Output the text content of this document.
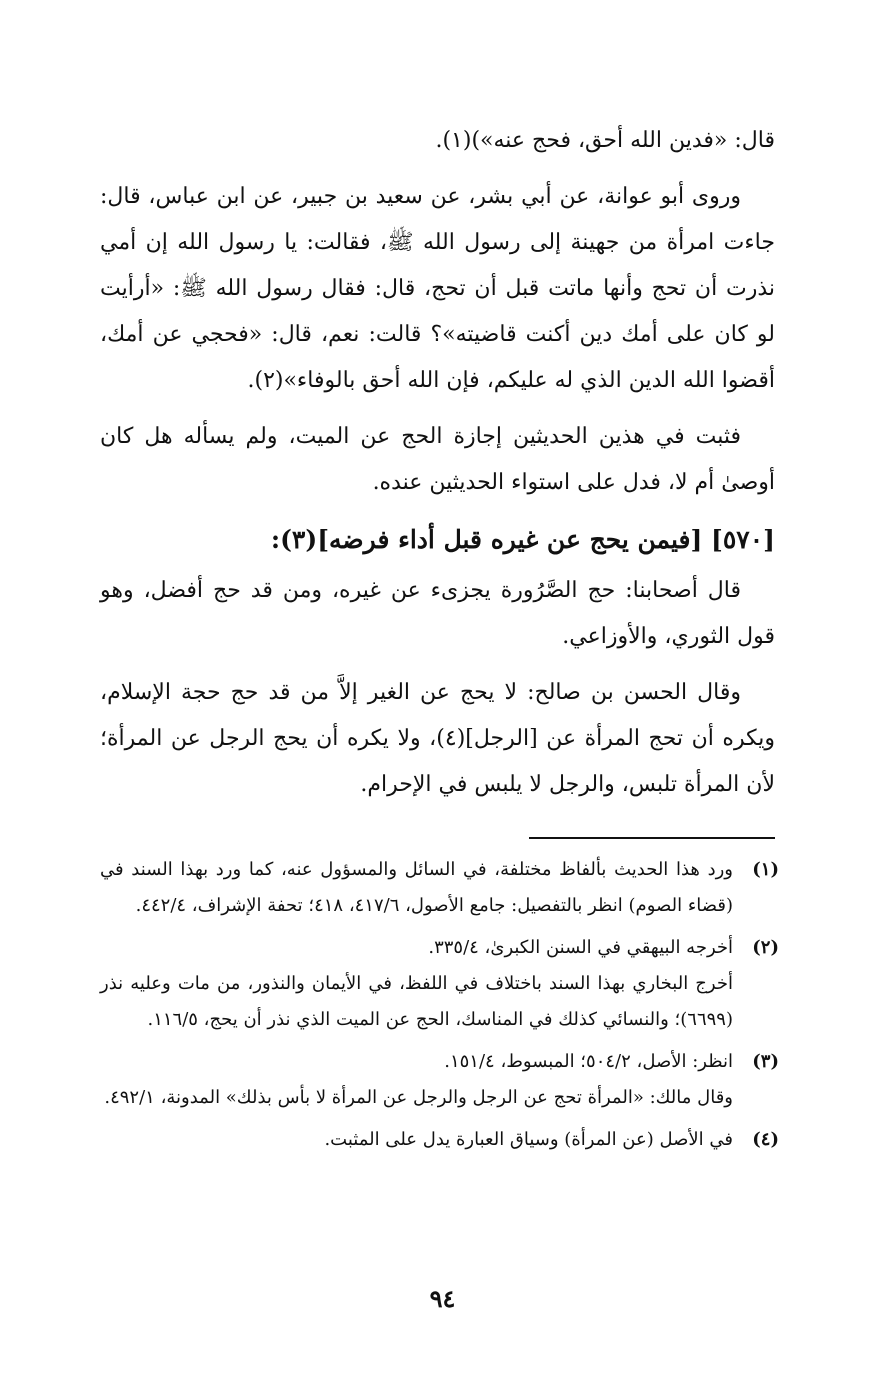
قال: «فدين الله أحق، فحج عنه»)(١).

وروى أبو عوانة، عن أبي بشر، عن سعيد بن جبير، عن ابن عباس، قال: جاءت امرأة من جهينة إلى رسول الله ﷺ، فقالت: يا رسول الله إن أمي نذرت أن تحج وأنها ماتت قبل أن تحج، قال: فقال رسول الله ﷺ: «أرأيت لو كان على أمك دين أكنت قاضيته»؟ قالت: نعم، قال: «فحجي عن أمك، أقضوا الله الدين الذي له عليكم، فإن الله أحق بالوفاء»(٢).

فثبت في هذين الحديثين إجازة الحج عن الميت، ولم يسأله هل كان أوصىٰ أم لا، فدل على استواء الحديثين عنده.

[٥٧٠] [فيمن يحج عن غيره قبل أداء فرضه](٣):

قال أصحابنا: حج الصَّرُورة يجزىء عن غيره، ومن قد حج أفضل، وهو قول الثوري، والأوزاعي.

وقال الحسن بن صالح: لا يحج عن الغير إلاَّ من قد حج حجة الإسلام، ويكره أن تحج المرأة عن [الرجل](٤)، ولا يكره أن يحج الرجل عن المرأة؛ لأن المرأة تلبس، والرجل لا يلبس في الإحرام.

(١)

ورد هذا الحديث بألفاظ مختلفة، في السائل والمسؤول عنه، كما ورد بهذا السند في (قضاء الصوم) انظر بالتفصيل: جامع الأصول، ٤١٧/٦، ٤١٨؛ تحفة الإشراف، ٤٤٢/٤.

(٢)

أخرجه البيهقي في السنن الكبرىٰ، ٣٣٥/٤.

أخرج البخاري بهذا السند باختلاف في اللفظ، في الأيمان والنذور، من مات وعليه نذر (٦٦٩٩)؛ والنسائي كذلك في المناسك، الحج عن الميت الذي نذر أن يحج، ١١٦/٥.

(٣)

انظر: الأصل، ٥٠٤/٢؛ المبسوط، ١٥١/٤.

وقال مالك: «المرأة تحج عن الرجل والرجل عن المرأة لا بأس بذلك» المدونة، ٤٩٢/١.

(٤)

في الأصل (عن المرأة) وسياق العبارة يدل على المثبت.

٩٤
